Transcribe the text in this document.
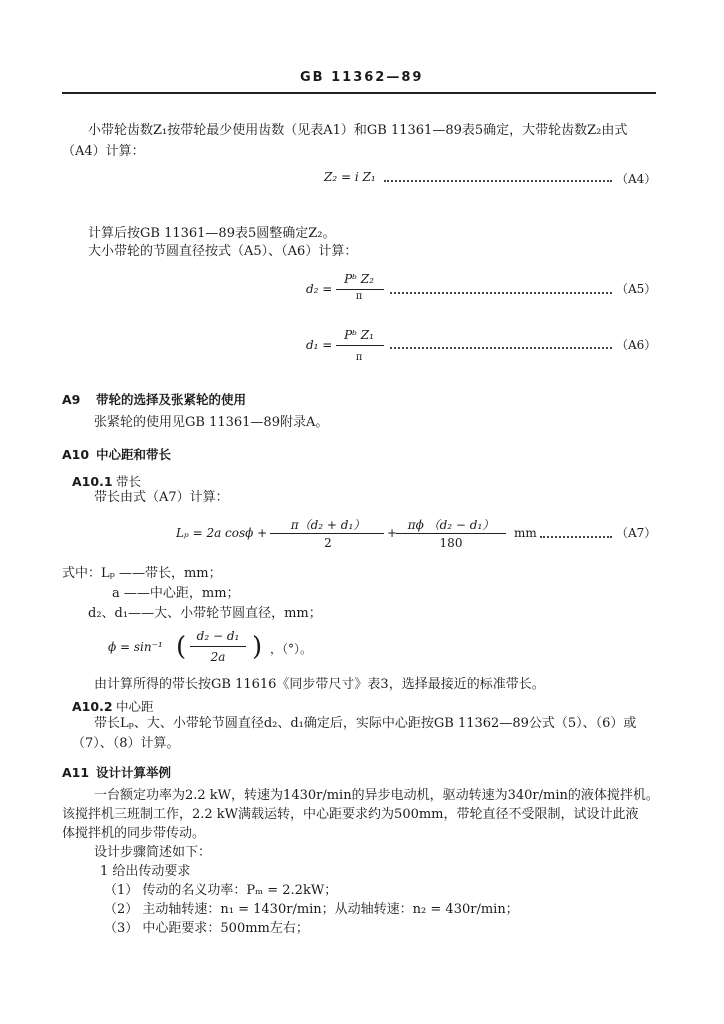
GB 11362—89
小带轮齿数Z₁按带轮最少使用齿数（见表A1）和GB 11361—89表5确定，大带轮齿数Z₂由式
（A4）计算：
Z₂ = i Z₁	（A4）
计算后按GB 11361—89表5圆整确定Z₂。
大小带轮的节圆直径按式（A5）、（A6）计算：
d₂ =
Pᵇ Z₂
π
（A5）
d₁ =
Pᵇ Z₁
π
（A6）
A9 带轮的选择及张紧轮的使用
张紧轮的使用见GB 11361—89附录A。
A10 中心距和带长
A10.1 带长
带长由式（A7）计算：
Lₚ = 2a cosϕ +
π（d₂ + d₁）
2
+
πϕ （d₂ − d₁）
180
mm	（A7）
式中：Lₚ ——带长，mm；
a ——中心距，mm；
d₂、d₁——大、小带轮节圆直径，mm；
ϕ = sin⁻¹ ( d₂ − d₁
2a	) ，（°）。
由计算所得的带长按GB 11616《同步带尺寸》表3，选择最接近的标准带长。
A10.2 中心距
带长Lₚ、大、小带轮节圆直径d₂、d₁确定后，实际中心距按GB 11362—89公式（5）、（6）或
（7）、（8）计算。
A11 设计计算举例
一台额定功率为2.2 kW，转速为1430r/min的异步电动机，驱动转速为340r/min的液体搅拌机。
该搅拌机三班制工作，2.2 kW满载运转，中心距要求约为500mm，带轮直径不受限制，试设计此液
体搅拌机的同步带传动。
设计步骤简述如下：
1 给出传动要求
（1） 传动的名义功率：Pₘ = 2.2kW；
（2） 主动轴转速：n₁ = 1430r/min；从动轴转速：n₂ = 430r/min；
（3） 中心距要求：500mm左右；
